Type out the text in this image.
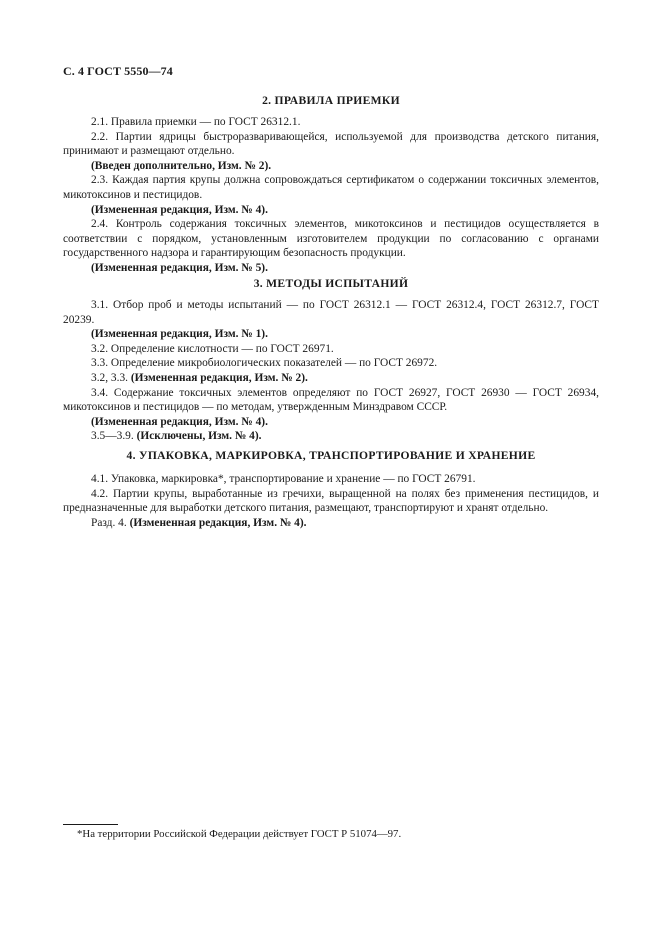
С. 4 ГОСТ 5550—74
2. ПРАВИЛА ПРИЕМКИ

2.1. Правила приемки — по ГОСТ 26312.1.

2.2. Партии ядрицы быстроразваривающейся, используемой для производства детского питания, принимают и размещают отдельно.

(Введен дополнительно, Изм. № 2).

2.3. Каждая партия крупы должна сопровождаться сертификатом о содержании токсичных элементов, микотоксинов и пестицидов.

(Измененная редакция, Изм. № 4).

2.4. Контроль содержания токсичных элементов, микотоксинов и пестицидов осуществляется в соответствии с порядком, установленным изготовителем продукции по согласованию с органами государственного надзора и гарантирующим безопасность продукции.

(Измененная редакция, Изм. № 5).

3. МЕТОДЫ ИСПЫТАНИЙ

3.1. Отбор проб и методы испытаний — по ГОСТ 26312.1 — ГОСТ 26312.4, ГОСТ 26312.7, ГОСТ 20239.

(Измененная редакция, Изм. № 1).

3.2. Определение кислотности — по ГОСТ 26971.

3.3. Определение микробиологических показателей — по ГОСТ 26972.

3.2, 3.3. (Измененная редакция, Изм. № 2).

3.4. Содержание токсичных элементов определяют по ГОСТ 26927, ГОСТ 26930 — ГОСТ 26934, микотоксинов и пестицидов — по методам, утвержденным Минздравом СССР.

(Измененная редакция, Изм. № 4).

3.5—3.9. (Исключены, Изм. № 4).

4. УПАКОВКА, МАРКИРОВКА, ТРАНСПОРТИРОВАНИЕ И ХРАНЕНИЕ

4.1. Упаковка, маркировка*, транспортирование и хранение — по ГОСТ 26791.

4.2. Партии крупы, выработанные из гречихи, выращенной на полях без применения пестицидов, и предназначенные для выработки детского питания, размещают, транспортируют и хранят отдельно.

Разд. 4. (Измененная редакция, Изм. № 4).

*На территории Российской Федерации действует ГОСТ Р 51074—97.
